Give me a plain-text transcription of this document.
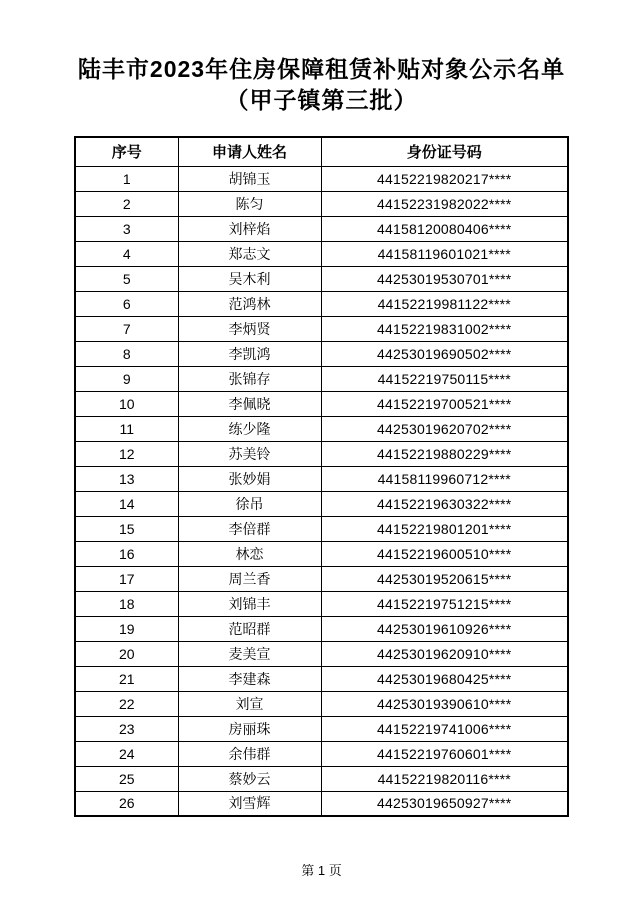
陆丰市2023年住房保障租赁补贴对象公示名单
（甲子镇第三批）
序号	申请人姓名	身份证号码
1	胡锦玉	44152219820217****
2	陈匀	44152231982022****
3	刘梓焰	44158120080406****
4	郑志文	44158119601021****
5	吴木利	44253019530701****
6	范鸿林	44152219981122****
7	李炳贤	44152219831002****
8	李凯鸿	44253019690502****
9	张锦存	44152219750115****
10	李佩晓	44152219700521****
11	练少隆	44253019620702****
12	苏美铃	44152219880229****
13	张妙娟	44158119960712****
14	徐吊	44152219630322****
15	李倍群	44152219801201****
16	林恋	44152219600510****
17	周兰香	44253019520615****
18	刘锦丰	44152219751215****
19	范昭群	44253019610926****
20	麦美宣	44253019620910****
21	李建森	44253019680425****
22	刘宣	44253019390610****
23	房丽珠	44152219741006****
24	余伟群	44152219760601****
25	蔡妙云	44152219820116****
26	刘雪辉	44253019650927****
第 1 页
